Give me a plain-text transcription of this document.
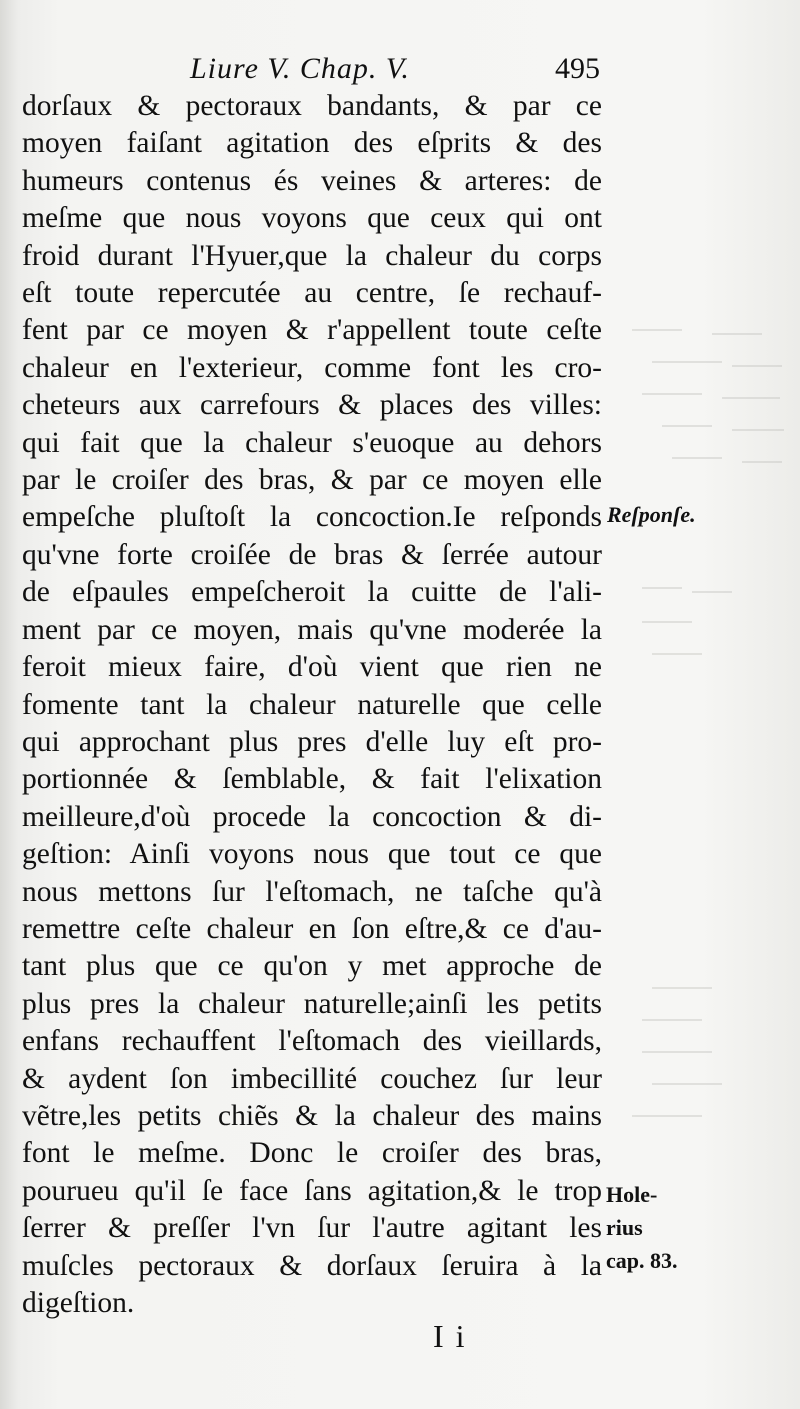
Liure V. Chap. V.	495
dorſaux & pectoraux bandants, & par ce
moyen faiſant agitation des eſprits & des
humeurs contenus és veines & arteres: de
meſme que nous voyons que ceux qui ont
froid durant l'Hyuer,que la chaleur du corps
eſt toute repercutée au centre, ſe rechauf-
fent par ce moyen & r'appellent toute ceſte
chaleur en l'exterieur, comme font les cro-
cheteurs aux carrefours & places des villes:
qui fait que la chaleur s'euoque au dehors
par le croiſer des bras, & par ce moyen elle
empeſche pluſtoſt la concoction.Ie reſponds
qu'vne forte croiſée de bras & ſerrée autour
de eſpaules empeſcheroit la cuitte de l'ali-
ment par ce moyen, mais qu'vne moderée la
feroit mieux faire, d'où vient que rien ne
fomente tant la chaleur naturelle que celle
qui approchant plus pres d'elle luy eſt pro-
portionnée & ſemblable, & fait l'elixation
meilleure,d'où procede la concoction & di-
geſtion: Ainſi voyons nous que tout ce que
nous mettons ſur l'eſtomach, ne taſche qu'à
remettre ceſte chaleur en ſon eſtre,& ce d'au-
tant plus que ce qu'on y met approche de
plus pres la chaleur naturelle;ainſi les petits
enfans rechauffent l'eſtomach des vieillards,
& aydent ſon imbecillité couchez ſur leur
vẽtre,les petits chiẽs & la chaleur des mains
font le meſme. Donc le croiſer des bras,
pourueu qu'il ſe face ſans agitation,& le trop
ſerrer & preſſer l'vn ſur l'autre agitant les
muſcles pectoraux & dorſaux ſeruira à la
digeſtion.
Reſponſe.
Hole-
rius
cap. 83.
I i
